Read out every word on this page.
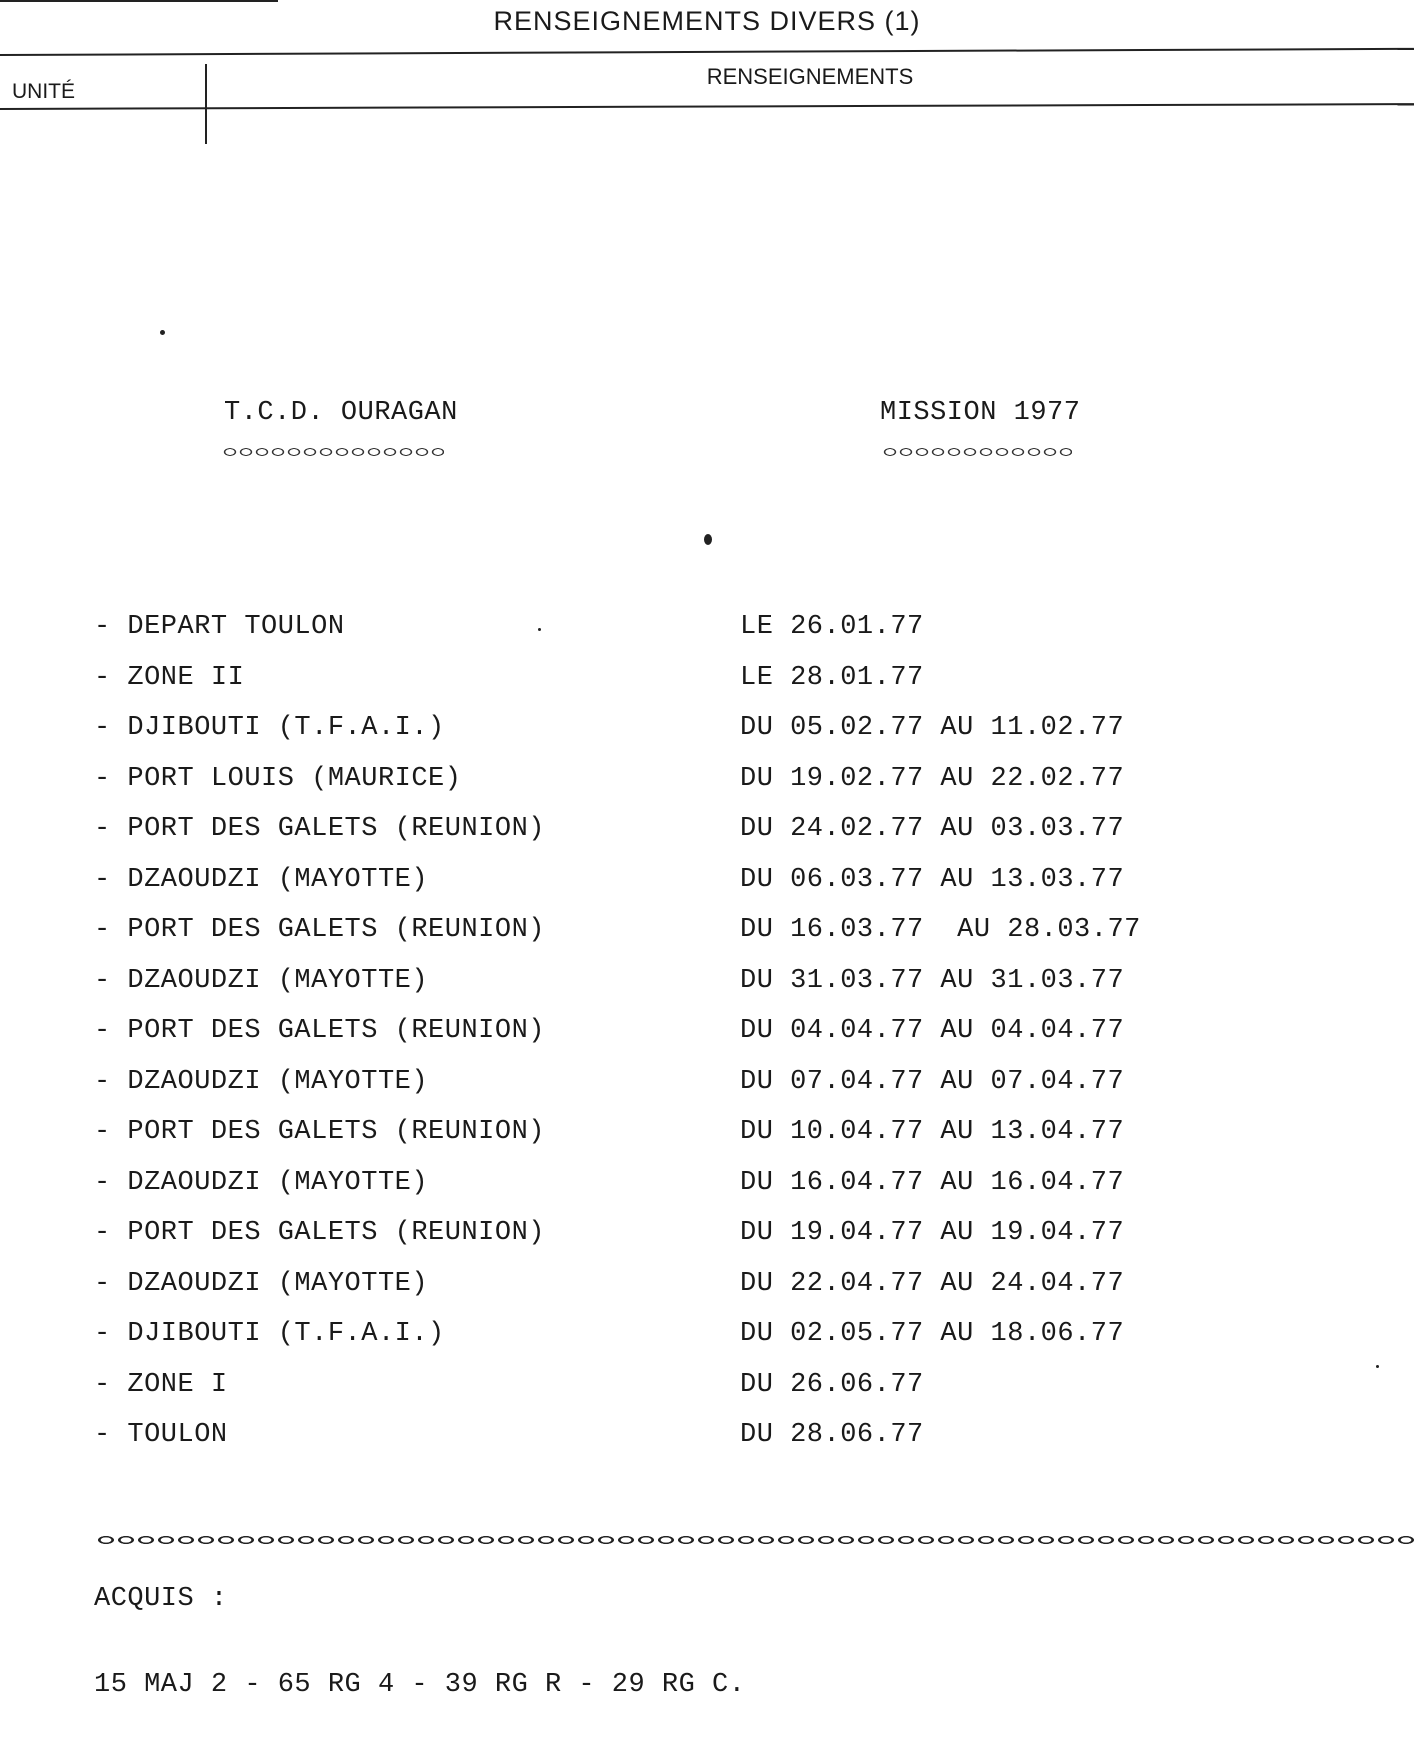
RENSEIGNEMENTS DIVERS (1)
UNITÉ
RENSEIGNEMENTS
T.C.D. OURAGAN	MISSION 1977
- DEPART TOULON	LE 26.01.77
- ZONE II	LE 28.01.77
- DJIBOUTI (T.F.A.I.)	DU 05.02.77 AU 11.02.77
- PORT LOUIS (MAURICE)	DU 19.02.77 AU 22.02.77
- PORT DES GALETS (REUNION)	DU 24.02.77 AU 03.03.77
- DZAOUDZI (MAYOTTE)	DU 06.03.77 AU 13.03.77
- PORT DES GALETS (REUNION)	DU 16.03.77  AU 28.03.77
- DZAOUDZI (MAYOTTE)	DU 31.03.77 AU 31.03.77
- PORT DES GALETS (REUNION)	DU 04.04.77 AU 04.04.77
- DZAOUDZI (MAYOTTE)	DU 07.04.77 AU 07.04.77
- PORT DES GALETS (REUNION)	DU 10.04.77 AU 13.04.77
- DZAOUDZI (MAYOTTE)	DU 16.04.77 AU 16.04.77
- PORT DES GALETS (REUNION)	DU 19.04.77 AU 19.04.77
- DZAOUDZI (MAYOTTE)	DU 22.04.77 AU 24.04.77
- DJIBOUTI (T.F.A.I.)	DU 02.05.77 AU 18.06.77
- ZONE I	DU 26.06.77
- TOULON	DU 28.06.77
ACQUIS :
15 MAJ 2 - 65 RG 4 - 39 RG R - 29 RG C.
